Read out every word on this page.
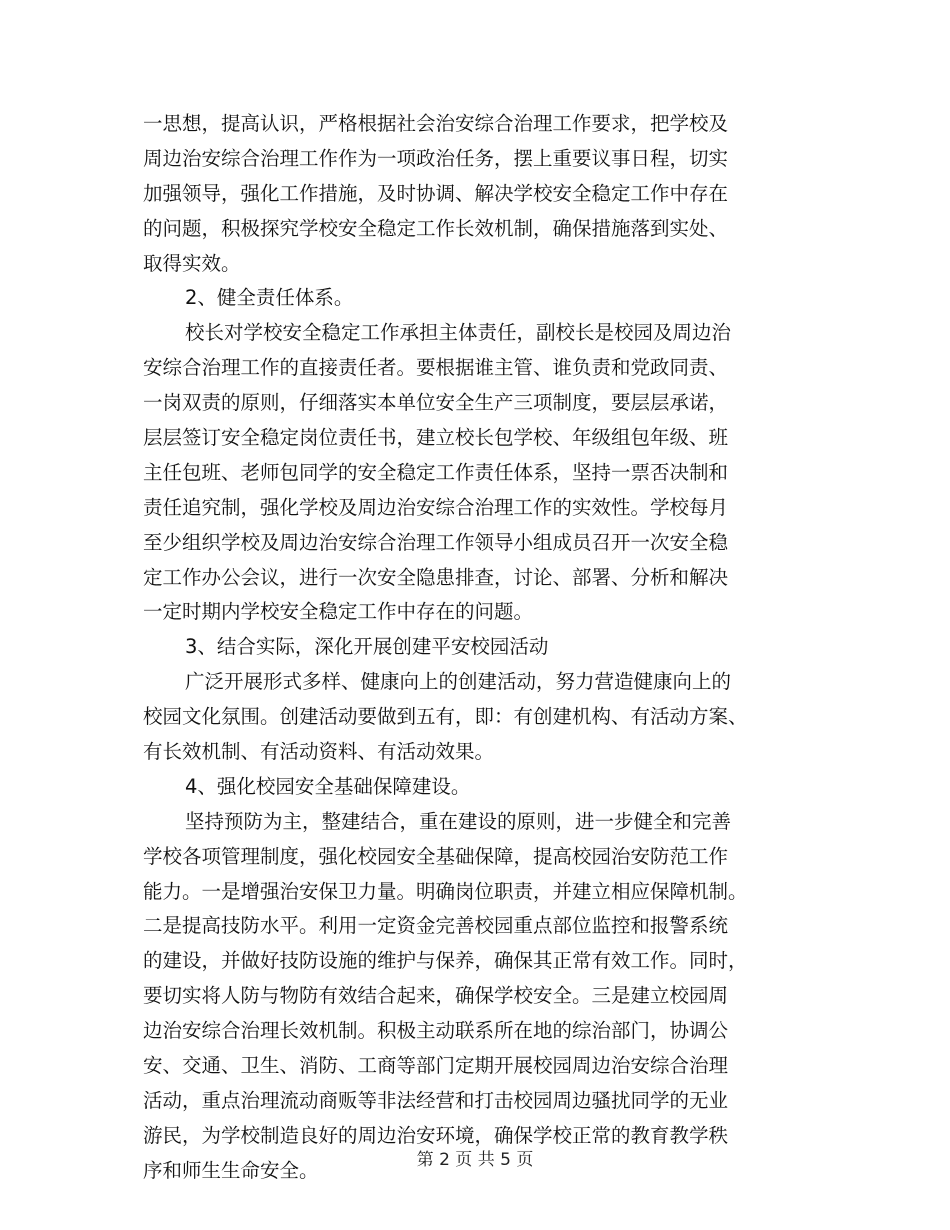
一思想，提高认识，严格根据社会治安综合治理工作要求，把学校及
周边治安综合治理工作作为一项政治任务，摆上重要议事日程，切实
加强领导，强化工作措施，及时协调、解决学校安全稳定工作中存在
的问题，积极探究学校安全稳定工作长效机制，确保措施落到实处、
取得实效。
2、健全责任体系。
校长对学校安全稳定工作承担主体责任，副校长是校园及周边治
安综合治理工作的直接责任者。要根据谁主管、谁负责和党政同责、
一岗双责的原则，仔细落实本单位安全生产三项制度，要层层承诺，
层层签订安全稳定岗位责任书，建立校长包学校、年级组包年级、班
主任包班、老师包同学的安全稳定工作责任体系，坚持一票否决制和
责任追究制，强化学校及周边治安综合治理工作的实效性。学校每月
至少组织学校及周边治安综合治理工作领导小组成员召开一次安全稳
定工作办公会议，进行一次安全隐患排查，讨论、部署、分析和解决
一定时期内学校安全稳定工作中存在的问题。
3、结合实际，深化开展创建平安校园活动
广泛开展形式多样、健康向上的创建活动，努力营造健康向上的
校园文化氛围。创建活动要做到五有，即：有创建机构、有活动方案、
有长效机制、有活动资料、有活动效果。
4、强化校园安全基础保障建设。
坚持预防为主，整建结合，重在建设的原则，进一步健全和完善
学校各项管理制度，强化校园安全基础保障，提高校园治安防范工作
能力。一是增强治安保卫力量。明确岗位职责，并建立相应保障机制。
二是提高技防水平。利用一定资金完善校园重点部位监控和报警系统
的建设，并做好技防设施的维护与保养，确保其正常有效工作。同时，
要切实将人防与物防有效结合起来，确保学校安全。三是建立校园周
边治安综合治理长效机制。积极主动联系所在地的综治部门，协调公
安、交通、卫生、消防、工商等部门定期开展校园周边治安综合治理
活动，重点治理流动商贩等非法经营和打击校园周边骚扰同学的无业
游民，为学校制造良好的周边治安环境，确保学校正常的教育教学秩
序和师生生命安全。	第 2 页 共 5 页
